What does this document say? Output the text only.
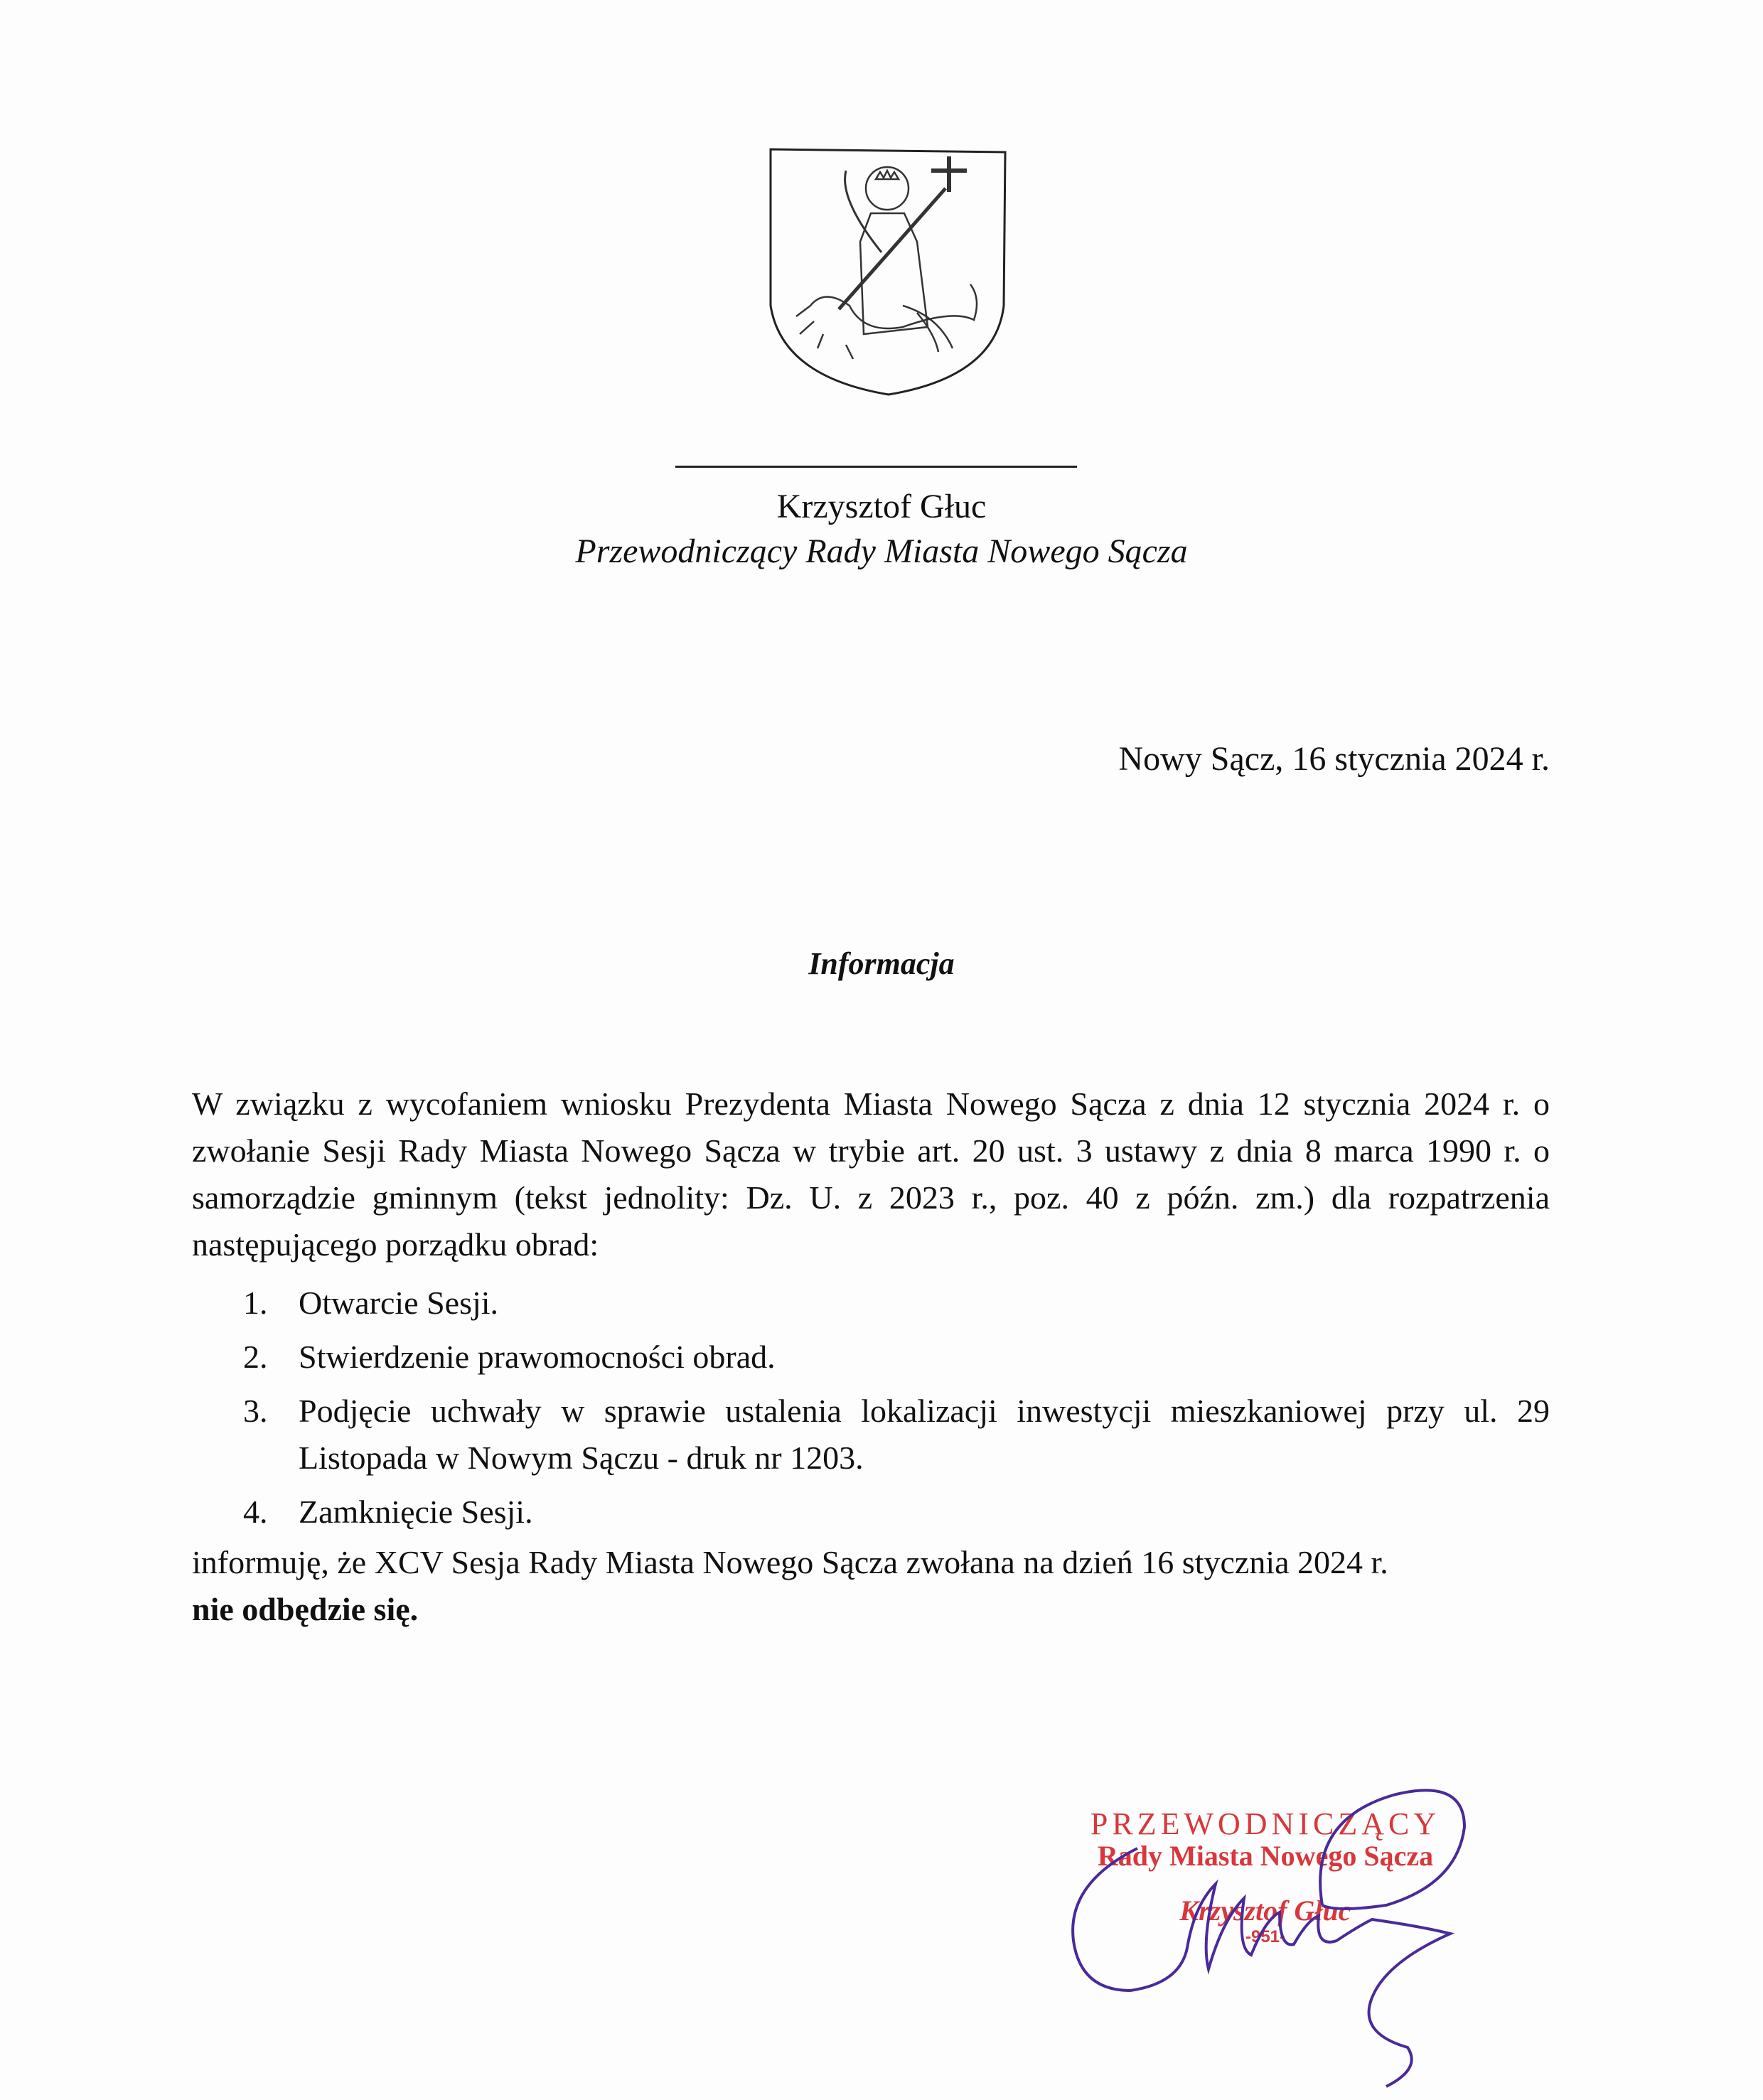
Krzysztof Głuc
Przewodniczący Rady Miasta Nowego Sącza
Nowy Sącz, 16 stycznia 2024 r.
Informacja
W związku z wycofaniem wniosku Prezydenta Miasta Nowego Sącza z dnia 12 stycznia 2024 r. o zwołanie Sesji Rady Miasta Nowego Sącza w trybie art. 20 ust. 3 ustawy z dnia 8 marca 1990 r. o samorządzie gminnym (tekst jednolity: Dz. U. z 2023 r., poz. 40 z późn. zm.) dla rozpatrzenia następującego porządku obrad:
1. Otwarcie Sesji.
2. Stwierdzenie prawomocności obrad.
3. Podjęcie uchwały w sprawie ustalenia lokalizacji inwestycji mieszkaniowej przy ul. 29 Listopada w Nowym Sączu - druk nr 1203.
4. Zamknięcie Sesji.
informuję, że XCV Sesja Rady Miasta Nowego Sącza zwołana na dzień 16 stycznia 2024 r.
nie odbędzie się.
PRZEWODNICZĄCY
Rady Miasta Nowego Sącza
Krzysztof Głuc
-951-
